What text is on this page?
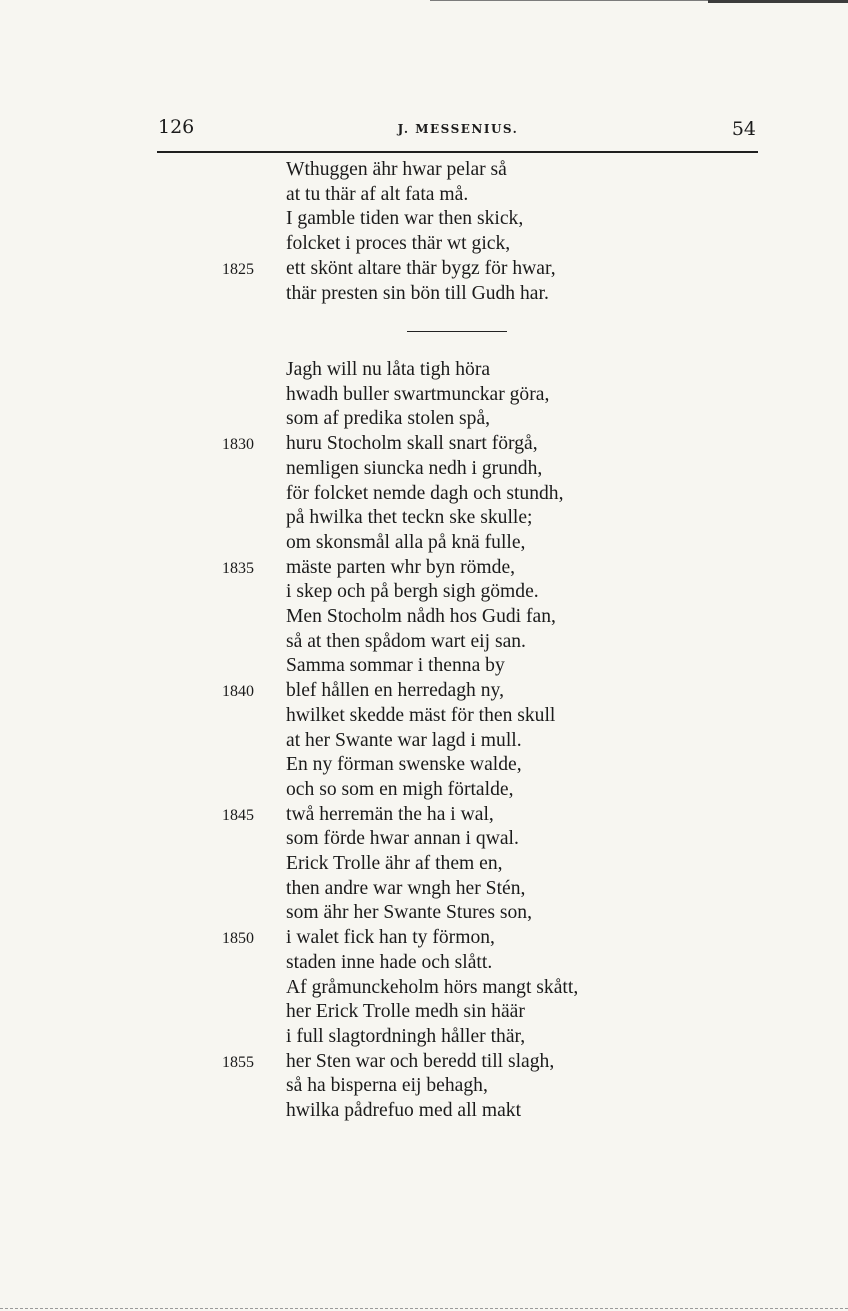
126	J. MESSENIUS.	54
Wthuggen ähr hwar pelar så
at tu thär af alt fata må.
I gamble tiden war then skick,
folcket i proces thär wt gick,
ett skönt altare thär bygz för hwar,
thär presten sin bön till Gudh har.
Jagh will nu låta tigh höra
hwadh buller swartmunckar göra,
som af predika stolen spå,
huru Stocholm skall snart förgå,
nemligen siuncka nedh i grundh,
för folcket nemde dagh och stundh,
på hwilka thet teckn ske skulle;
om skonsmål alla på knä fulle,
mäste parten whr byn römde,
i skep och på bergh sigh gömde.
Men Stocholm nådh hos Gudi fan,
så at then spådom wart eij san.
Samma sommar i thenna by
blef hållen en herredagh ny,
hwilket skedde mäst för then skull
at her Swante war lagd i mull.
En ny förman swenske walde,
och so som en migh förtalde,
twå herremän the ha i wal,
som förde hwar annan i qwal.
Erick Trolle ähr af them en,
then andre war wngh her Stén,
som ähr her Swante Stures son,
i walet fick han ty förmon,
staden inne hade och slått.
Af gråmunckeholm hörs mangt skått,
her Erick Trolle medh sin häär
i full slagtordningh håller thär,
her Sten war och beredd till slagh,
så ha bisperna eij behagh,
hwilka pådrefuo med all makt
1825
1830
1835
1840
1845
1850
1855
